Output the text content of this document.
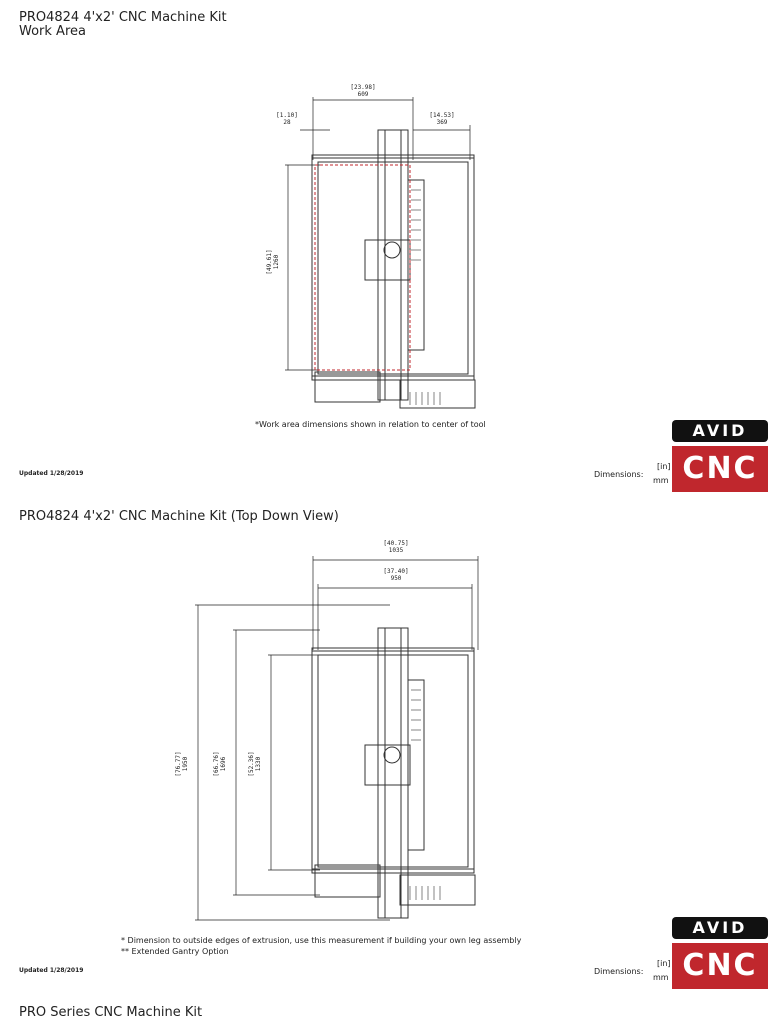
PRO4824 4'x2' CNC Machine Kit
Work Area
[23.98]
609
[1.10]
28
[14.53]
369
[49.61] 1260
*Work area dimensions shown in relation to center of tool
Updated 1/28/2019	Dimensions:
[in]
mm
AVID
CNC
PRO4824 4'x2' CNC Machine Kit (Top Down View)
[40.75]
1035
[37.40]
950
[76.77] 1950	[66.76] 1696	[52.36] 1330
* Dimension to outside edges of extrusion, use this measurement if building your own leg assembly
** Extended Gantry Option
Updated 1/28/2019	Dimensions:
[in]
mm
AVID
CNC
PRO Series CNC Machine Kit
